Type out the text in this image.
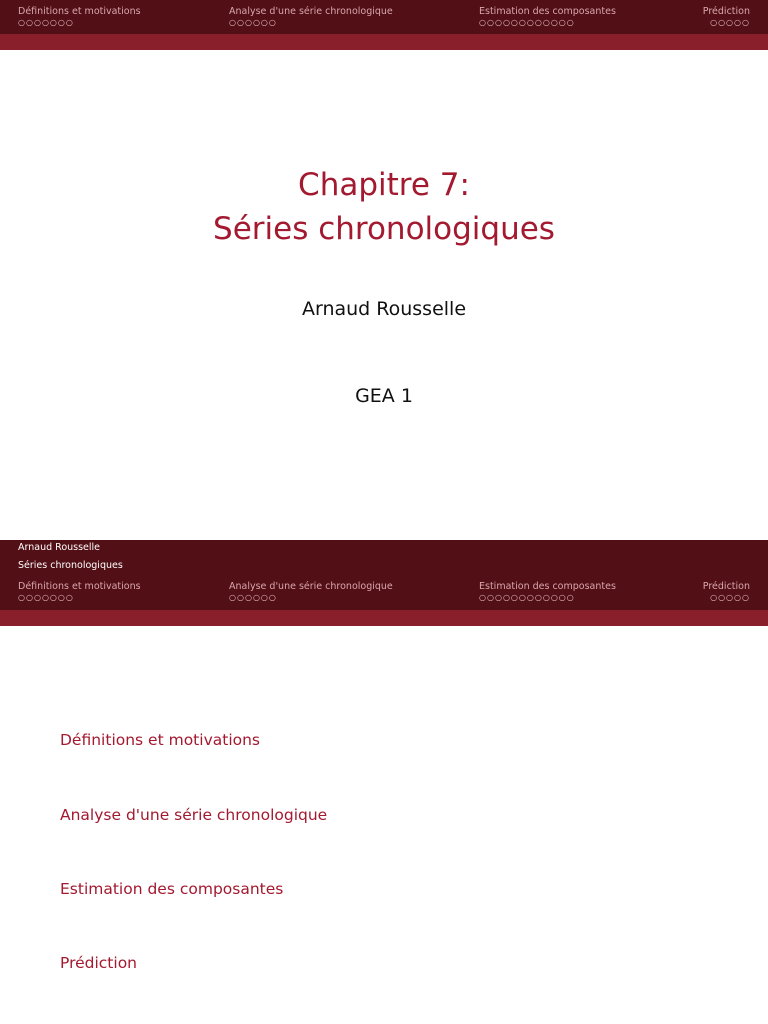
Définitions et motivations
○○○○○○○
Analyse d'une série chronologique
○○○○○○
Estimation des composantes
○○○○○○○○○○○○
Prédiction
○○○○○
Chapitre 7:
Séries chronologiques
Arnaud Rousselle
GEA 1
Arnaud Rousselle
Séries chronologiques
Définitions et motivations
○○○○○○○
Analyse d'une série chronologique
○○○○○○
Estimation des composantes
○○○○○○○○○○○○
Prédiction
○○○○○
Définitions et motivations
Analyse d'une série chronologique
Estimation des composantes
Prédiction
